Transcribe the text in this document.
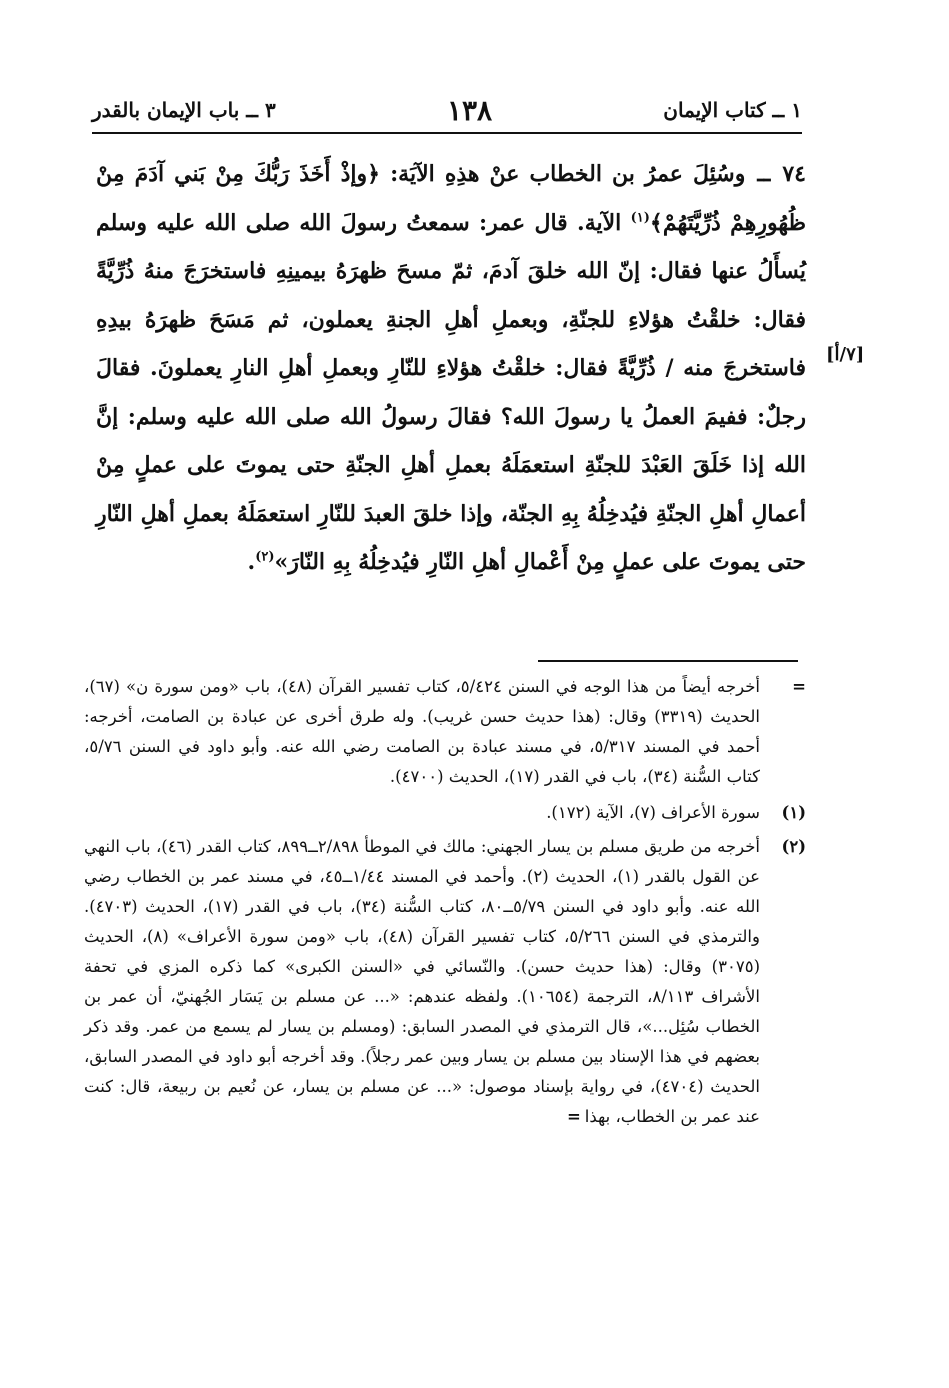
١ ــ كتاب الإيمان
١٣٨
٣ ــ باب الإيمان بالقدر
[٧/أ]
٧٤ ــ وسُئِلَ عمرُ بن الخطاب عنْ هذِهِ الآيَة: ﴿وإذْ أَخَذَ رَبُّكَ مِنْ بَني آدَمَ مِنْ ظُهُورِهِمْ ذُرِّيَّتَهُمْ﴾$^{(١)}$ الآية. قال عمر: سمعتُ رسولَ الله صلى الله عليه وسلم يُسأَلُ عنها فقال: إنّ الله خلقَ آدمَ، ثمّ مسحَ ظهرَهُ بيمينِهِ فاستخرَجَ منهُ ذُرِّيَّةً فقال: خلقْتُ هؤلاءِ للجنّةِ، وبعملِ أهلِ الجنةِ يعملون، ثم مَسَحَ ظهرَهُ بيدِهِ فاستخرجَ منه / ذُرِّيَّةً فقال: خلقْتُ هؤلاءِ للنّارِ وبعملِ أهلِ النارِ يعملونَ. فقالَ رجلٌ: ففيمَ العملُ يا رسولَ الله؟ فقالَ رسولُ الله صلى الله عليه وسلم: إنَّ الله إذا خَلَقَ العَبْدَ للجنّةِ استعمَلَهُ بعملِ أهلِ الجنّةِ حتى يموتَ على عملٍ مِنْ أعمالِ أهلِ الجنّةِ فيُدخِلُهُ بِهِ الجنّة، وإذا خلقَ العبدَ للنّارِ استعمَلَهُ بعملِ أهلِ النّارِ حتى يموتَ على عملٍ مِنْ أَعْمالِ أهلِ النّارِ فيُدخِلُهُ بِهِ النّارَ»$^{(٢)}$.
=
أخرجه أيضاً من هذا الوجه في السنن ٥/٤٢٤، كتاب تفسير القرآن (٤٨)، باب «ومن سورة ن» (٦٧)، الحديث (٣٣١٩) وقال: (هذا حديث حسن غريب). وله طرق أخرى عن عبادة بن الصامت، أخرجه: أحمد في المسند ٥/٣١٧، في مسند عبادة بن الصامت رضي الله عنه. وأبو داود في السنن ٥/٧٦، كتاب السُّنة (٣٤)، باب في القدر (١٧)، الحديث (٤٧٠٠).
(١)
سورة الأعراف (٧)، الآية (١٧٢).
(٢)
أخرجه من طريق مسلم بن يسار الجهني: مالك في الموطأ ٢/٨٩٨ــ٨٩٩، كتاب القدر (٤٦)، باب النهي عن القول بالقدر (١)، الحديث (٢). وأحمد في المسند ١/٤٤ــ٤٥، في مسند عمر بن الخطاب رضي الله عنه. وأبو داود في السنن ٥/٧٩ــ٨٠، كتاب السُّنة (٣٤)، باب في القدر (١٧)، الحديث (٤٧٠٣). والترمذي في السنن ٥/٢٦٦، كتاب تفسير القرآن (٤٨)، باب «ومن سورة الأعراف» (٨)، الحديث (٣٠٧٥) وقال: (هذا حديث حسن). والنّسائي في «السنن الكبرى» كما ذكره المزي في تحفة الأشراف ٨/١١٣، الترجمة (١٠٦٥٤). ولفظه عندهم: «... عن مسلم بن يَسَار الجُهنيّ، أن عمر بن الخطاب سُئِل...»، قال الترمذي في المصدر السابق: (ومسلم بن يسار لم يسمع من عمر. وقد ذكر بعضهم في هذا الإسناد بين مسلم بن يسار وبين عمر رجلاً). وقد أخرجه أبو داود في المصدر السابق، الحديث (٤٧٠٤)، في رواية بإسناد موصول: «... عن مسلم بن يسار، عن نُعيم بن ربيعة، قال: كنت عند عمر بن الخطاب، بهذا=
